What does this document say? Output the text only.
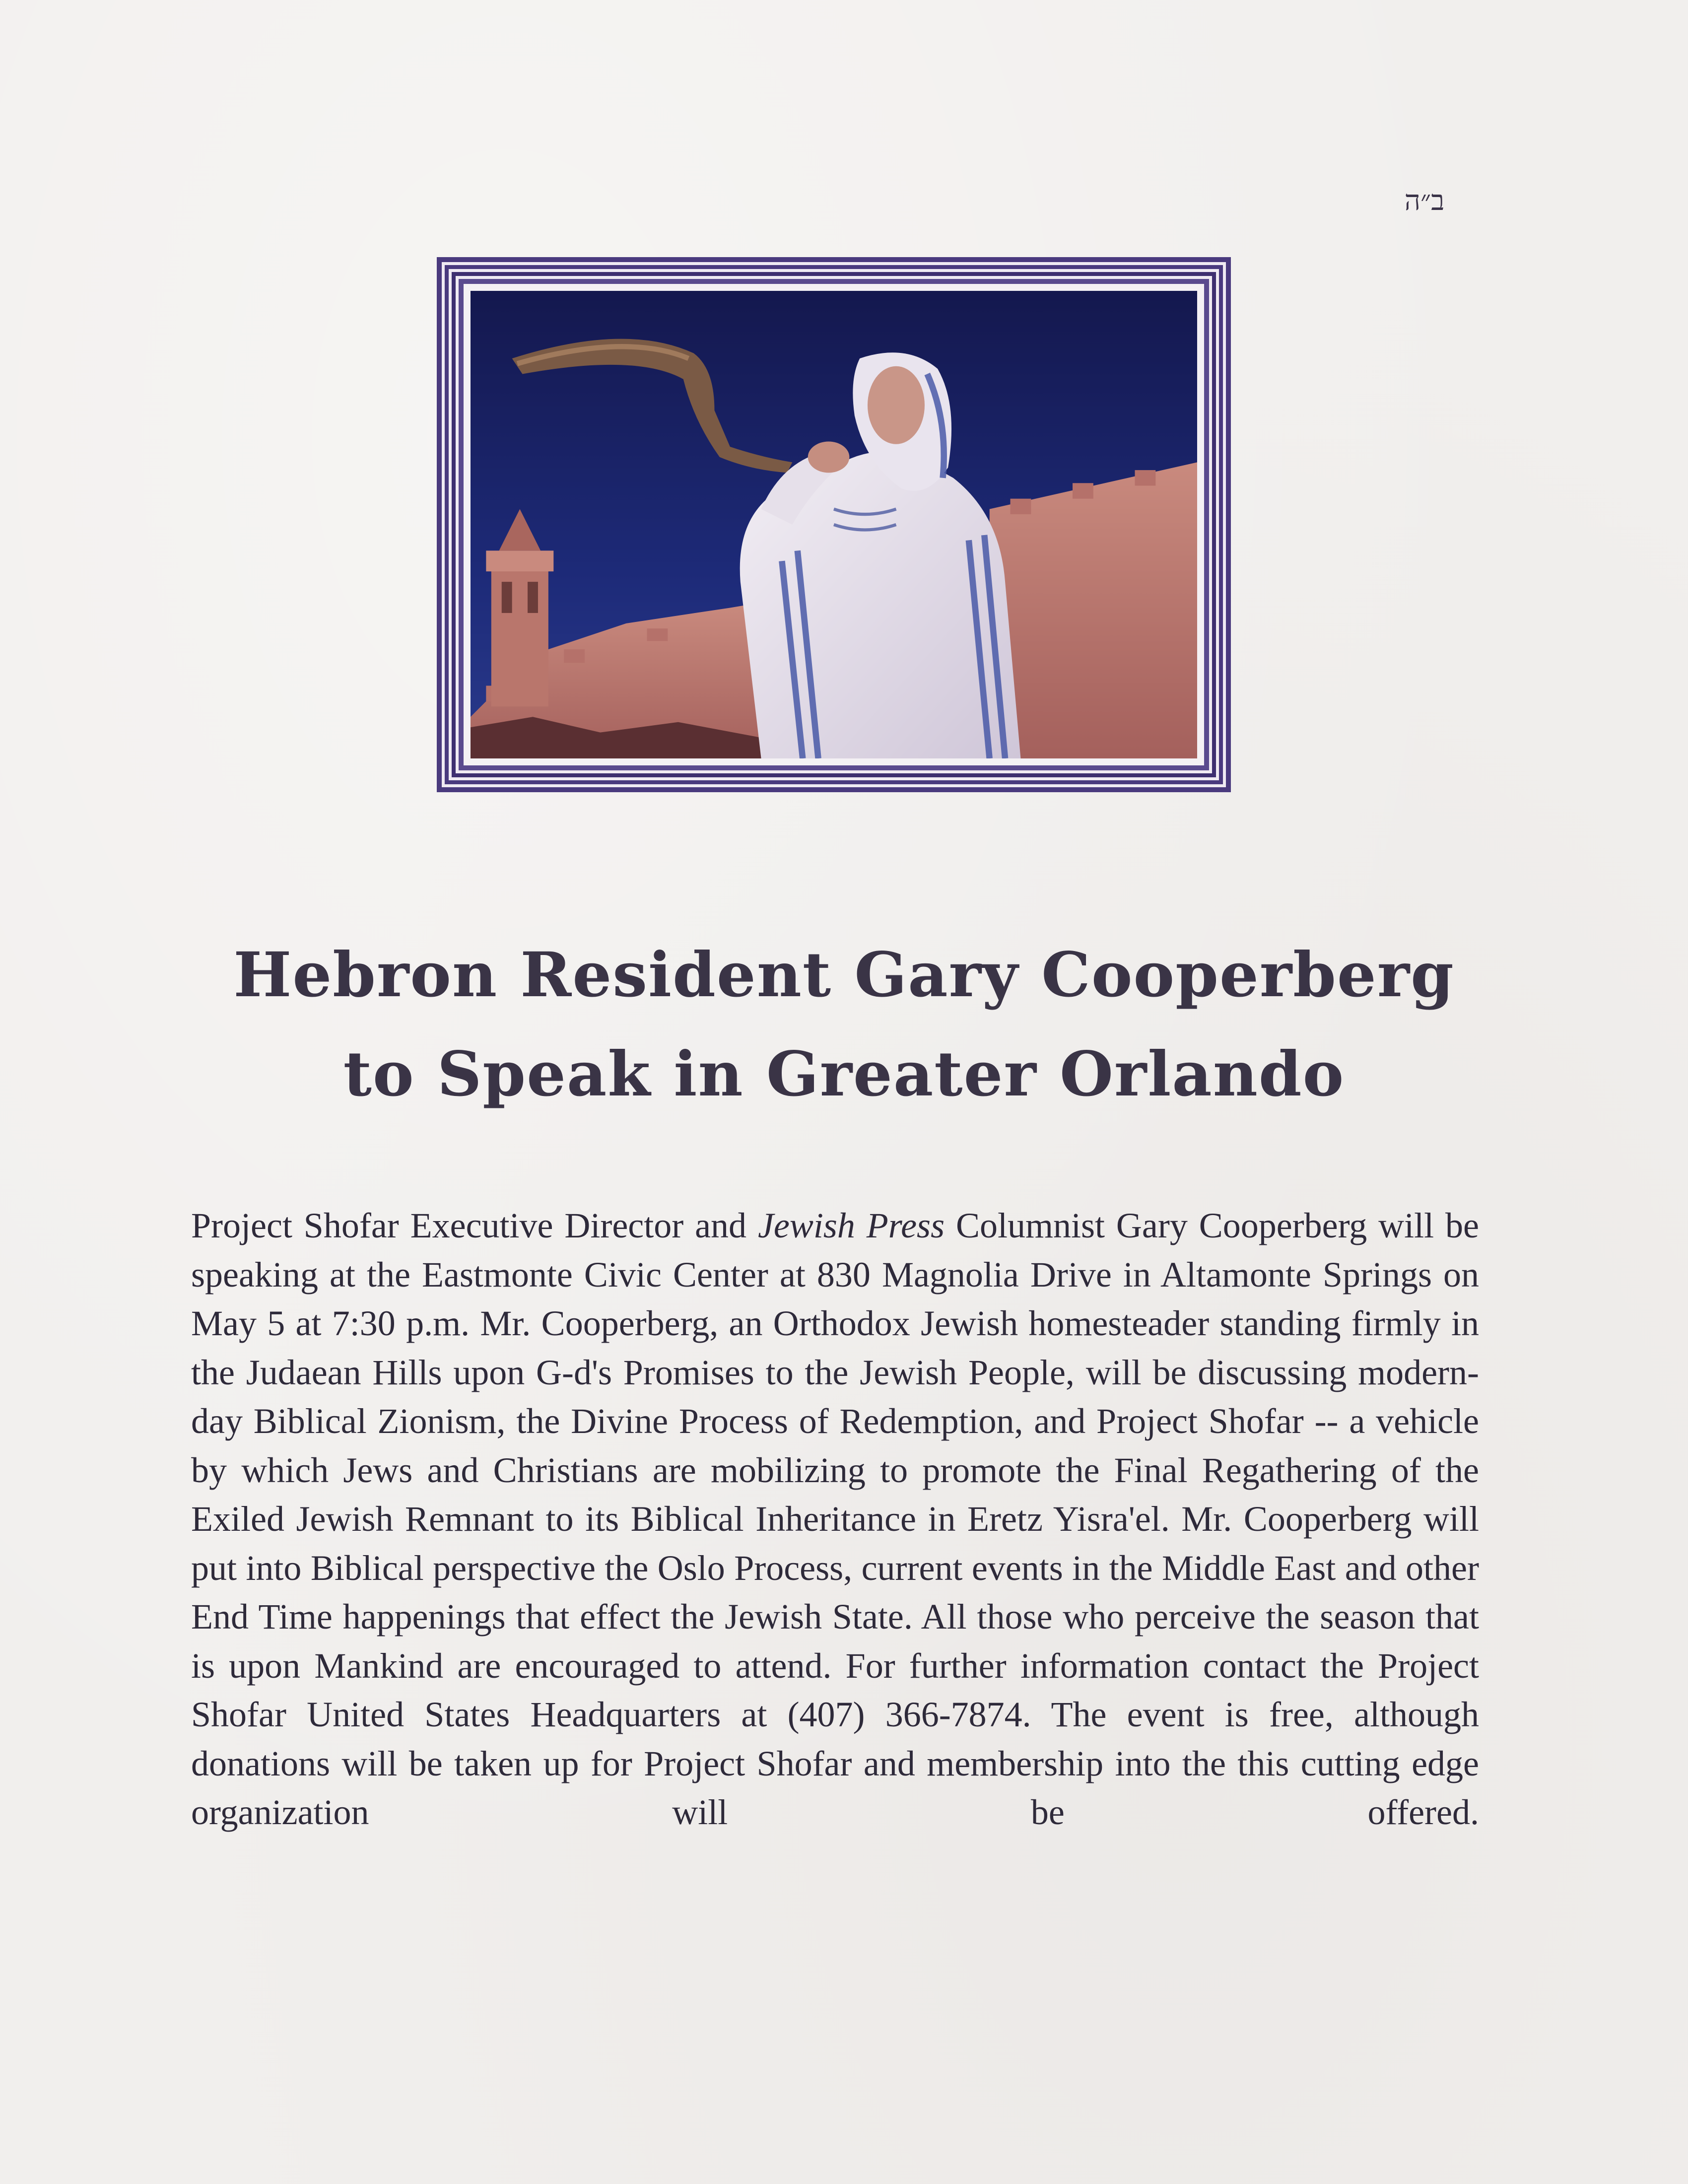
ב״ה
Hebron Resident Gary Cooperberg
to Speak in Greater Orlando
Project Shofar Executive Director and Jewish Press Columnist Gary Cooperberg will be speaking at the Eastmonte Civic Center at 830 Magnolia Drive in Altamonte Springs on May 5 at 7:30 p.m. Mr. Cooperberg, an Orthodox Jewish homesteader standing firmly in the Judaean Hills upon G-d's Promises to the Jewish People, will be discussing modern-day Biblical Zionism, the Divine Process of Redemption, and Project Shofar -- a vehicle by which Jews and Christians are mobilizing to promote the Final Regathering of the Exiled Jewish Remnant to its Biblical Inheritance in Eretz Yisra'el. Mr. Cooperberg will put into Biblical perspective the Oslo Process, current events in the Middle East and other End Time happenings that effect the Jewish State. All those who perceive the season that is upon Mankind are encouraged to attend. For further information contact the Project Shofar United States Headquarters at (407) 366-7874. The event is free, although donations will be taken up for Project Shofar and membership into the this cutting edge organization will be offered.
